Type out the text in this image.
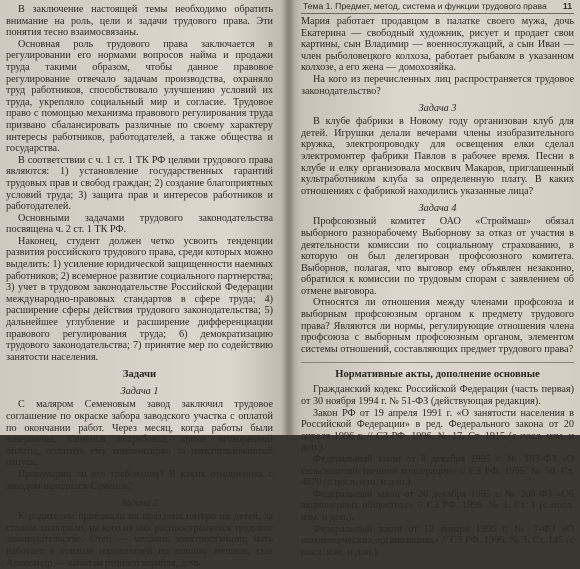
В заключение настоящей темы необходимо обратить внимание на роль, цели и задачи трудового права. Эти понятия тесно взаимосвязаны.

Основная роль трудового права заключается в регулировании его нормами вопросов найма и продажи труда такими образом, чтобы данное правовое регулирование отвечало задачам производства, охраняло труд работников, способствовало улучшению условий их труда, укрепляло социальный мир и согласие. Трудовое право с помощью механизма правового регулирования труда призвано сбалансировать различные по своему характеру интересы работников, работодателей, а также общества и государства.

В соответствии с ч. 1 ст. 1 ТК РФ целями трудового права являются: 1) установление государственных гарантий трудовых прав и свобод граждан; 2) создание благоприятных условий труда; 3) защита прав и интересов работников и работодателей.

Основными задачами трудового законодательства посвящена ч. 2 ст. 1 ТК РФ.

Наконец, студент должен четко усвоить тенденции развития российского трудового права, среди которых можно выделить: 1) усиление юридической защищенности наемных работников; 2) всемерное развитие социального партнерства; 3) учет в трудовом законодательстве Российской Федерации международно-правовых стандартов в сфере труда; 4) расширение сферы действия трудового законодательства; 5) дальнейшее углубление и расширение дифференциации правового регулирования труда; 6) демократизацию трудового законодательства; 7) принятие мер по содействию занятости населения.

Задачи
Задача 1

С маляром Семеновым завод заключил трудовое соглашение по окраске забора заводского участка с оплатой по окончании работ. Через месяц, когда работы были завершены, Семенов потребовал, кроме оговоренной оплаты, оплатить ему компенсацию за неиспользованный отпуск.

Правомерно ли его требование? В каких отношениях с заводом находился Семенов?

Задача 2

К родителям приезжали на праздник пятеро их детей, за столом заспорили, на кого из них распространяется трудовое законодательство. Отец — механик электростанции, мать работает в совхозе надомницей по пошиву мешков, сын Александр — капитан речного корабля, дочь

Тема 1. Предмет, метод, система и функции трудового права 11

Мария работает продавцом в палатке своего мужа, дочь Екатерина — свободный художник, рисует и продает свои картины, сын Владимир — военнослужащий, а сын Иван — член рыболовецкого колхоза, работает рыбаком в указанном колхозе, а его жена — домохозяйка.

На кого из перечисленных лиц распространяется трудовое законодательство?

Задача 3

В клубе фабрики в Новому году организован клуб для детей. Игрушки делали вечерами члены изобразительного кружка, электропроводку для освещения елки сделал электромонтер фабрики Павлов в рабочее время. Песни в клубе и елку организовала москвич Макаров, приглашенный культработником клуба за определенную плату. В каких отношениях с фабрикой находились указанные лица?

Задача 4

Профсоюзный комитет ОАО «Строймаш» обязал выборного разнорабочему Выборнову за отказ от участия в деятельности комиссии по социальному страхованию, в которую он был делегирован профсоюзного комитета. Выборнов, полагая, что выговор ему объявлен незаконно, обратился к комиссии по трудовым спорам с заявлением об отмене выговора.

Относятся ли отношения между членами профсоюза и выборным профсоюзным органом к предмету трудового права? Являются ли нормы, регулирующие отношения члена профсоюза с выборным профсоюзным органом, элементом системы отношений, составляющих предмет трудового права?

Нормативные акты, дополнение основные

Гражданский кодекс Российской Федерации (часть первая) от 30 ноября 1994 г. № 51-ФЗ (действующая редакция).

Закон РФ от 19 апреля 1991 г. «О занятости населения в Российской Федерации» в ред. Федерального закона от 20 апреля 1996 г. // СЗ РФ. 1996. № 17. Ст. 1915 (с посл. изм. и доп.).

Федеральный закон от 8 декабря 1995 г. № 193-ФЗ «О сельскохозяйственной кооперации» // СЗ РФ. 1995. № 50. Ст. 4870 (с посл. изм. и доп.).

Федеральный закон от 26 декабря 1995 г. № 208-ФЗ «Об акционерных обществах» // СЗ РФ. 1996. № 1. Ст. 1 (с посл. изм. и доп.).

Федеральный закон от 12 января 1996 г. № 7-ФЗ «О некоммерческих организациях» // СЗ РФ. 1996. № 3. Ст. 145 (с посл. изм. и доп.).
